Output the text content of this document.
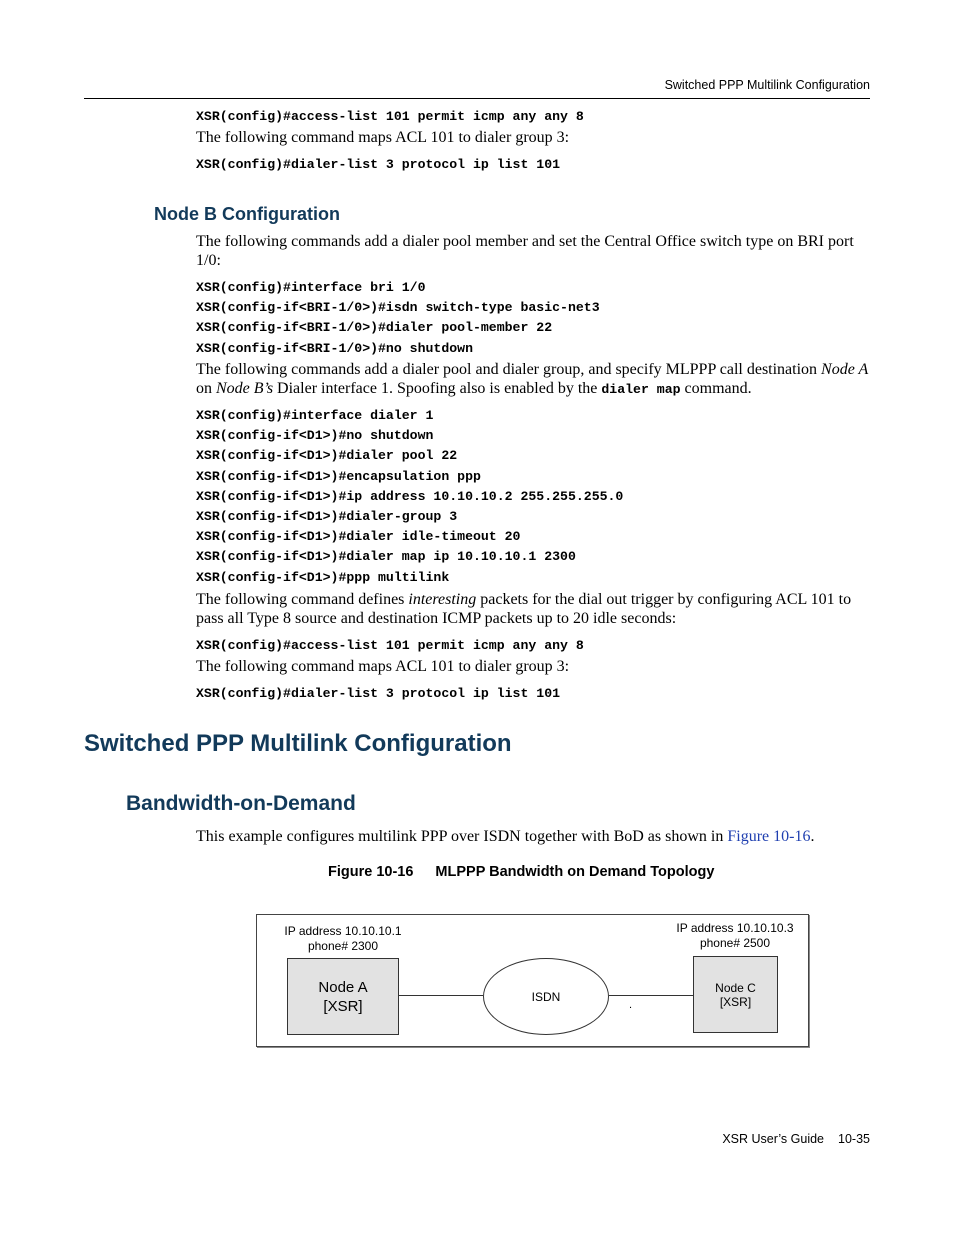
Switched PPP Multilink Configuration
XSR(config)#access-list 101 permit icmp any any 8
The following command maps ACL 101 to dialer group 3:
XSR(config)#dialer-list 3 protocol ip list 101
Node B Configuration
The following commands add a dialer pool member and set the Central Office switch type on BRI port 1/0:
XSR(config)#interface bri 1/0
XSR(config-if<BRI-1/0>)#isdn switch-type basic-net3
XSR(config-if<BRI-1/0>)#dialer pool-member 22
XSR(config-if<BRI-1/0>)#no shutdown
The following commands add a dialer pool and dialer group, and specify MLPPP call destination Node A on Node B’s Dialer interface 1. Spoofing also is enabled by the dialer map command.
XSR(config)#interface dialer 1
XSR(config-if<D1>)#no shutdown
XSR(config-if<D1>)#dialer pool 22
XSR(config-if<D1>)#encapsulation ppp
XSR(config-if<D1>)#ip address 10.10.10.2 255.255.255.0
XSR(config-if<D1>)#dialer-group 3
XSR(config-if<D1>)#dialer idle-timeout 20
XSR(config-if<D1>)#dialer map ip 10.10.10.1 2300
XSR(config-if<D1>)#ppp multilink
The following command defines interesting packets for the dial out trigger by configuring ACL 101 to pass all Type 8 source and destination ICMP packets up to 20 idle seconds:
XSR(config)#access-list 101 permit icmp any any 8
The following command maps ACL 101 to dialer group 3:
XSR(config)#dialer-list 3 protocol ip list 101
Switched PPP Multilink Configuration
Bandwidth-on-Demand
This example configures multilink PPP over ISDN together with BoD as shown in Figure 10-16.
Figure 10-16 MLPPP Bandwidth on Demand Topology
IP address 10.10.10.1
phone# 2300
Node A
[XSR]
ISDN
.
IP address 10.10.10.3
phone# 2500
Node C
[XSR]
XSR User’s Guide 10-35
